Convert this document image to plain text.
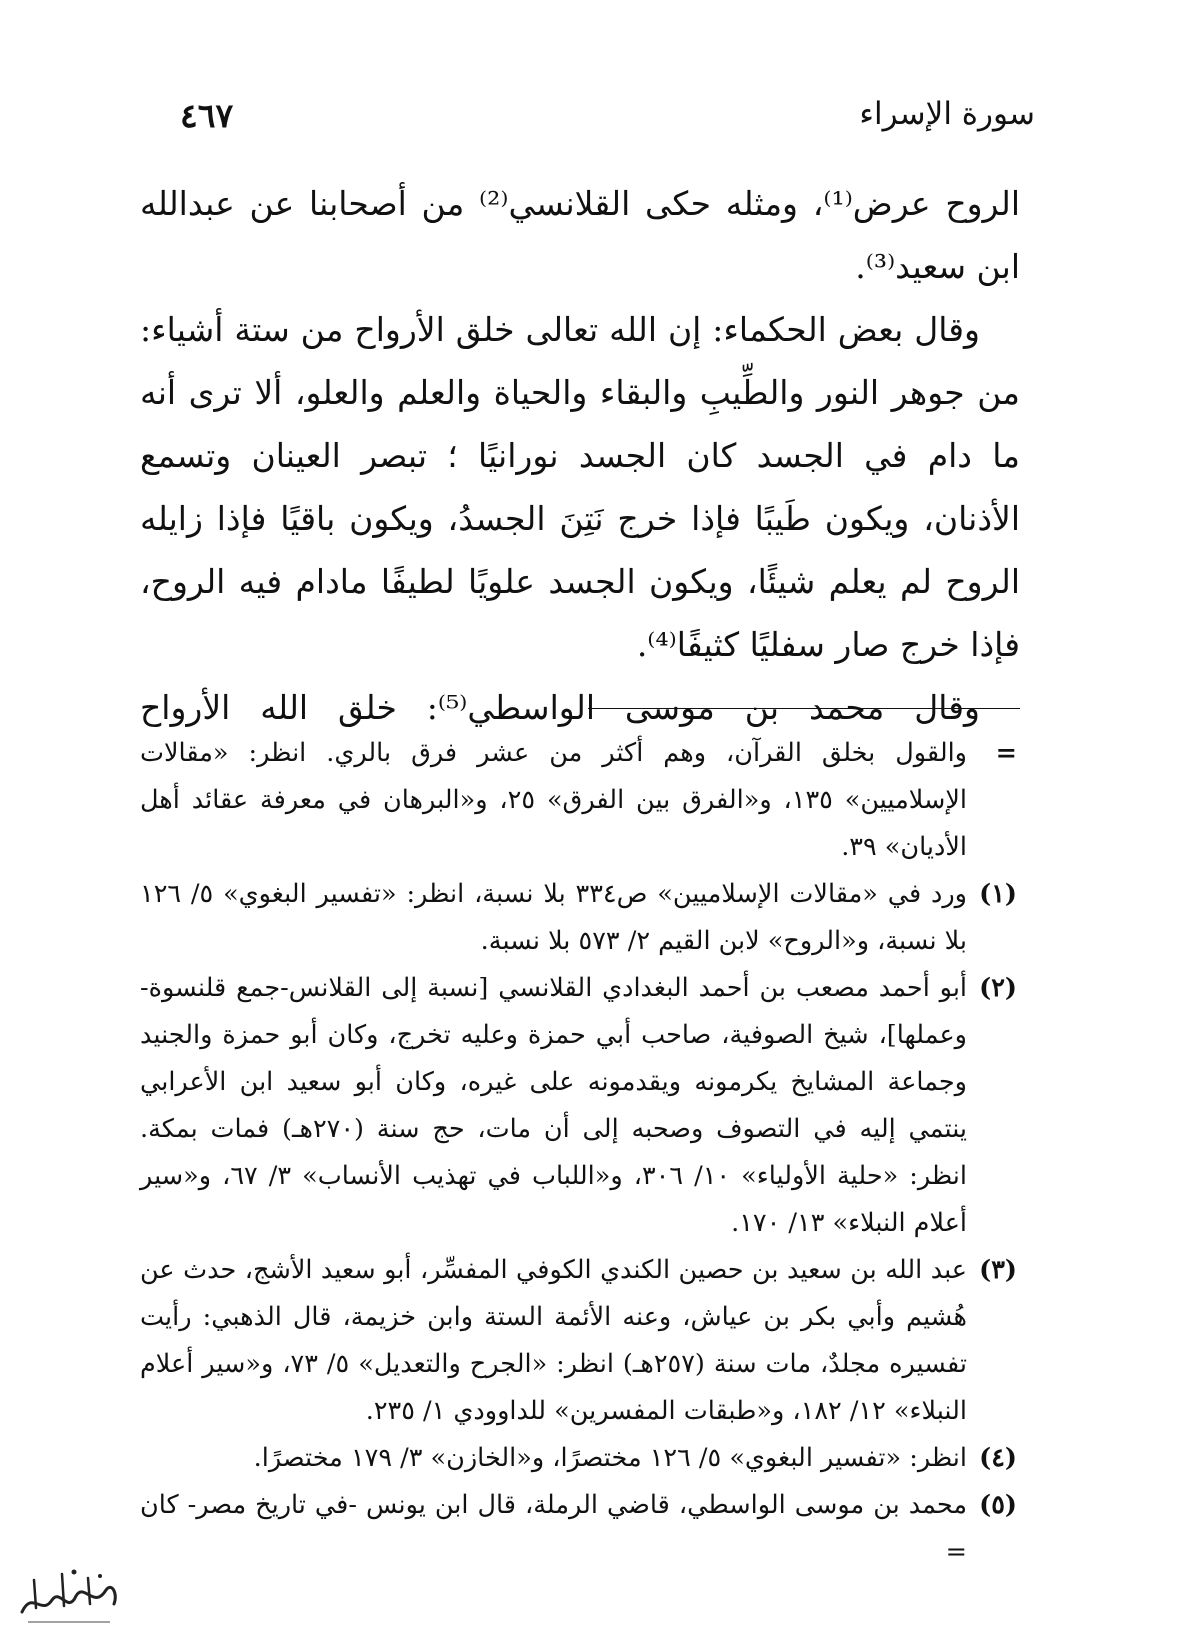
سورة الإسراء
٤٦٧

الروح عرض⁽¹⁾، ومثله حكى القلانسي⁽²⁾ من أصحابنا عن عبدالله ابن سعيد⁽³⁾.

وقال بعض الحكماء: إن الله تعالى خلق الأرواح من ستة أشياء: من جوهر النور والطِّيبِ والبقاء والحياة والعلم والعلو، ألا ترى أنه ما دام في الجسد كان الجسد نورانيًا ؛ تبصر العينان وتسمع الأذنان، ويكون طَيبًا فإذا خرج نَتِنَ الجسدُ، ويكون باقيًا فإذا زايله الروح لم يعلم شيئًا، ويكون الجسد علويًا لطيفًا مادام فيه الروح، فإذا خرج صار سفليًا كثيفًا⁽⁴⁾.

وقال محمد بن موسى الواسطي⁽⁵⁾: خلق الله الأرواح

=
والقول بخلق القرآن، وهم أكثر من عشر فرق بالري. انظر: «مقالات الإسلاميين» ١٣٥، و«الفرق بين الفرق» ٢٥، و«البرهان في معرفة عقائد أهل الأديان» ٣٩.
(١)
ورد في «مقالات الإسلاميين» ص٣٣٤ بلا نسبة، انظر: «تفسير البغوي» ٥/ ١٢٦ بلا نسبة، و«الروح» لابن القيم ٢/ ٥٧٣ بلا نسبة.
(٢)
أبو أحمد مصعب بن أحمد البغدادي القلانسي [نسبة إلى القلانس-جمع قلنسوة- وعملها]، شيخ الصوفية، صاحب أبي حمزة وعليه تخرج، وكان أبو حمزة والجنيد وجماعة المشايخ يكرمونه ويقدمونه على غيره، وكان أبو سعيد ابن الأعرابي ينتمي إليه في التصوف وصحبه إلى أن مات، حج سنة (٢٧٠هـ) فمات بمكة. انظر: «حلية الأولياء» ١٠/ ٣٠٦، و«اللباب في تهذيب الأنساب» ٣/ ٦٧، و«سير أعلام النبلاء» ١٣/ ١٧٠.
(٣)
عبد الله بن سعيد بن حصين الكندي الكوفي المفسِّر، أبو سعيد الأشج، حدث عن هُشيم وأبي بكر بن عياش، وعنه الأئمة الستة وابن خزيمة، قال الذهبي: رأيت تفسيره مجلدٌ، مات سنة (٢٥٧هـ) انظر: «الجرح والتعديل» ٥/ ٧٣، و«سير أعلام النبلاء» ١٢/ ١٨٢، و«طبقات المفسرين» للداوودي ١/ ٢٣٥.
(٤)
انظر: «تفسير البغوي» ٥/ ١٢٦ مختصرًا، و«الخازن» ٣/ ١٧٩ مختصرًا.
(٥)
محمد بن موسى الواسطي، قاضي الرملة، قال ابن يونس -في تاريخ مصر- كان =
